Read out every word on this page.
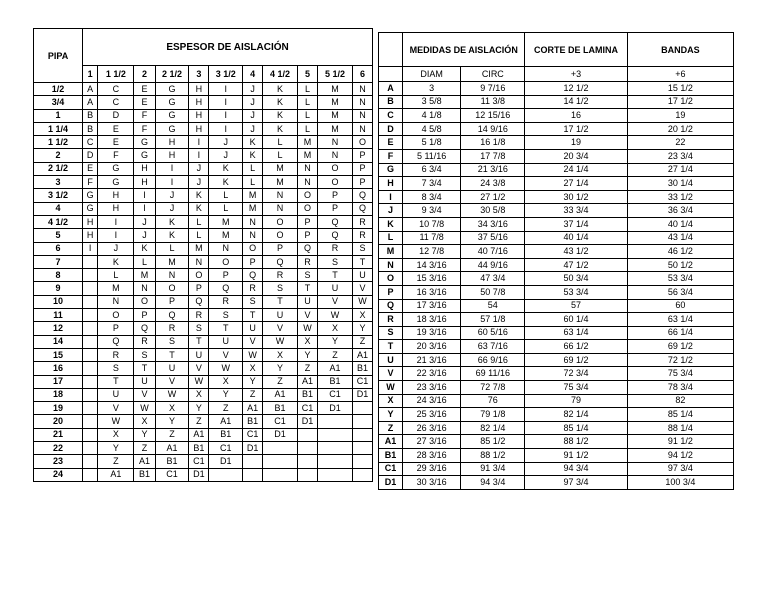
PIPA	ESPESOR DE AISLACIÓN										
	1	1 1/2	2	2 1/2	3	3 1/2	4	4 1/2	5	5 1/2	6
1/2	A	C	E	G	H	I	J	K	L	M	N
3/4	A	C	E	G	H	I	J	K	L	M	N
1	B	D	F	G	H	I	J	K	L	M	N
1 1/4	B	E	F	G	H	I	J	K	L	M	N
1 1/2	C	E	G	H	I	J	K	L	M	N	O
2	D	F	G	H	I	J	K	L	M	N	P
2 1/2	E	G	H	I	J	K	L	M	N	O	P
3	F	G	H	I	J	K	L	M	N	O	P
3 1/2	G	H	I	J	K	L	M	N	O	P	Q
4	G	H	I	J	K	L	M	N	O	P	Q
4 1/2	H	I	J	K	L	M	N	O	P	Q	R
5	H	I	J	K	L	M	N	O	P	Q	R
6	I	J	K	L	M	N	O	P	Q	R	S
7		K	L	M	N	O	P	Q	R	S	T
8		L	M	N	O	P	Q	R	S	T	U
9		M	N	O	P	Q	R	S	T	U	V
10		N	O	P	Q	R	S	T	U	V	W
11		O	P	Q	R	S	T	U	V	W	X
12		P	Q	R	S	T	U	V	W	X	Y
14		Q	R	S	T	U	V	W	X	Y	Z
15		R	S	T	U	V	W	X	Y	Z	A1
16		S	T	U	V	W	X	Y	Z	A1	B1
17		T	U	V	W	X	Y	Z	A1	B1	C1
18		U	V	W	X	Y	Z	A1	B1	C1	D1
19		V	W	X	Y	Z	A1	B1	C1	D1	
20		W	X	Y	Z	A1	B1	C1	D1		
21		X	Y	Z	A1	B1	C1	D1			
22		Y	Z	A1	B1	C1	D1				
23		Z	A1	B1	C1	D1					
24		A1	B1	C1	D1						
	MEDIDAS DE AISLACIÓN		CORTE DE LAMINA	BANDAS
	DIAM	CIRC	+3	+6
A	3	9 7/16	12 1/2	15 1/2
B	3 5/8	11 3/8	14 1/2	17 1/2
C	4 1/8	12 15/16	16	19
D	4 5/8	14 9/16	17 1/2	20 1/2
E	5 1/8	16 1/8	19	22
F	5 11/16	17 7/8	20 3/4	23 3/4
G	6 3/4	21 3/16	24 1/4	27 1/4
H	7 3/4	24 3/8	27 1/4	30 1/4
I	8 3/4	27 1/2	30 1/2	33 1/2
J	9 3/4	30 5/8	33 3/4	36 3/4
K	10 7/8	34 3/16	37 1/4	40 1/4
L	11 7/8	37 5/16	40 1/4	43 1/4
M	12 7/8	40 7/16	43 1/2	46 1/2
N	14 3/16	44 9/16	47 1/2	50 1/2
O	15 3/16	47 3/4	50 3/4	53 3/4
P	16 3/16	50 7/8	53 3/4	56 3/4
Q	17 3/16	54	57	60
R	18 3/16	57 1/8	60 1/4	63 1/4
S	19 3/16	60 5/16	63 1/4	66 1/4
T	20 3/16	63 7/16	66 1/2	69 1/2
U	21 3/16	66 9/16	69 1/2	72 1/2
V	22 3/16	69 11/16	72 3/4	75 3/4
W	23 3/16	72 7/8	75 3/4	78 3/4
X	24 3/16	76	79	82
Y	25 3/16	79 1/8	82 1/4	85 1/4
Z	26 3/16	82 1/4	85 1/4	88 1/4
A1	27 3/16	85 1/2	88 1/2	91 1/2
B1	28 3/16	88 1/2	91 1/2	94 1/2
C1	29 3/16	91 3/4	94 3/4	97 3/4
D1	30 3/16	94 3/4	97 3/4	100 3/4
